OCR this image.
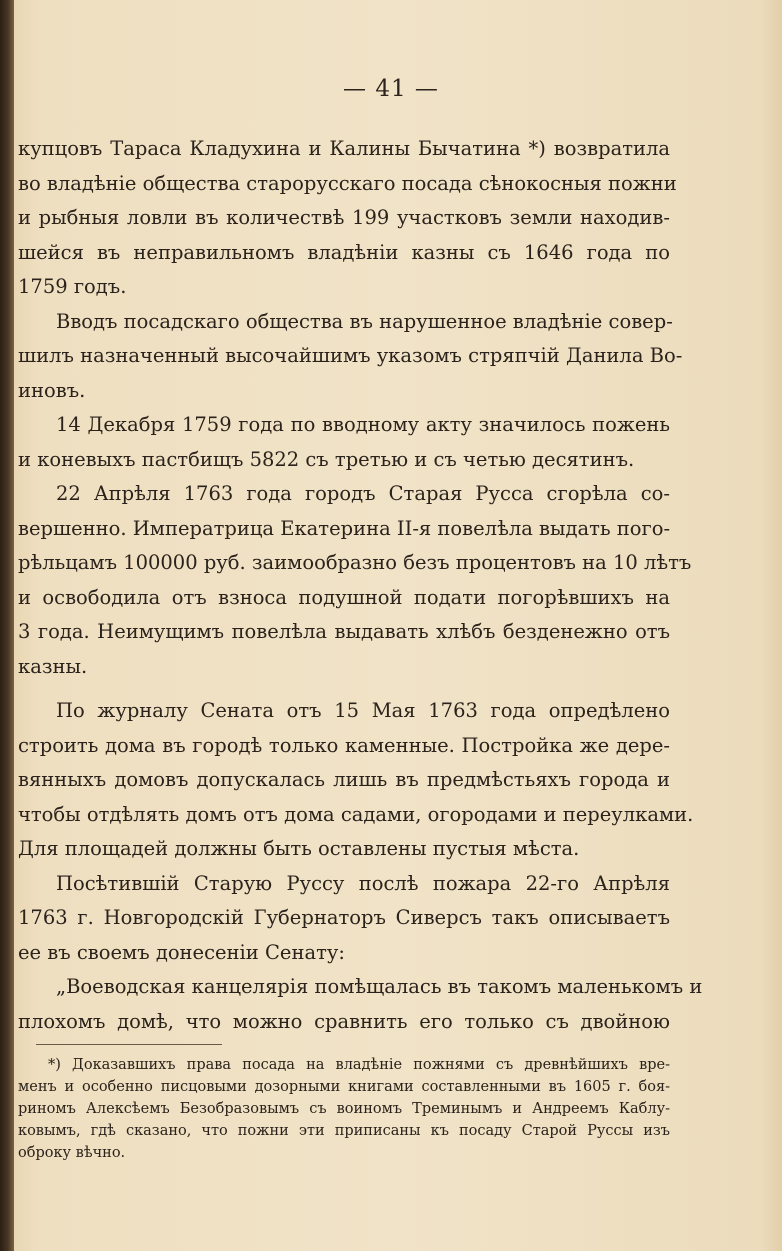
— 41 —
купцовъ Тараса Кладухина и Калины Бычатина *) возвратила
во владѣніе общества старорусскаго посада сѣнокосныя пожни
и рыбныя ловли въ количествѣ 199 участковъ земли находив-
шейся въ неправильномъ владѣніи казны съ 1646 года по
1759 годъ.
Вводъ посадскаго общества въ нарушенное владѣніе совер-
шилъ назначенный высочайшимъ указомъ стряпчій Данила Во-
иновъ.
14 Декабря 1759 года по вводному акту значилось пожень
и коневыхъ пастбищъ 5822 съ третью и съ четью десятинъ.
22 Апрѣля 1763 года городъ Старая Русса сгорѣла со-
вершенно. Императрица Екатерина II-я повелѣла выдать пого-
рѣльцамъ 100000 руб. заимообразно безъ процентовъ на 10 лѣтъ
и освободила отъ взноса подушной подати погорѣвшихъ на
3 года. Неимущимъ повелѣла выдавать хлѣбъ безденежно отъ
казны.
По журналу Сената отъ 15 Мая 1763 года опредѣлено
строить дома въ городѣ только каменные. Постройка же дере-
вянныхъ домовъ допускалась лишь въ предмѣстьяхъ города и
чтобы отдѣлять домъ отъ дома садами, огородами и переулками.
Для площадей должны быть оставлены пустыя мѣста.
Посѣтившій Старую Руссу послѣ пожара 22-го Апрѣля
1763 г. Новгородскій Губернаторъ Сиверсъ такъ описываетъ
ее въ своемъ донесеніи Сенату:
„Воеводская канцелярія помѣщалась въ такомъ маленькомъ и
плохомъ домѣ, что можно сравнить его только съ двойною
*) Доказавшихъ права посада на владѣніе пожнями съ древнѣйшихъ вре-
менъ и особенно писцовыми дозорными книгами составленными въ 1605 г. боя-
риномъ Алексѣемъ Безобразовымъ съ воиномъ Треминымъ и Андреемъ Каблу-
ковымъ, гдѣ сказано, что пожни эти приписаны къ посаду Старой Руссы изъ
оброку вѣчно.
